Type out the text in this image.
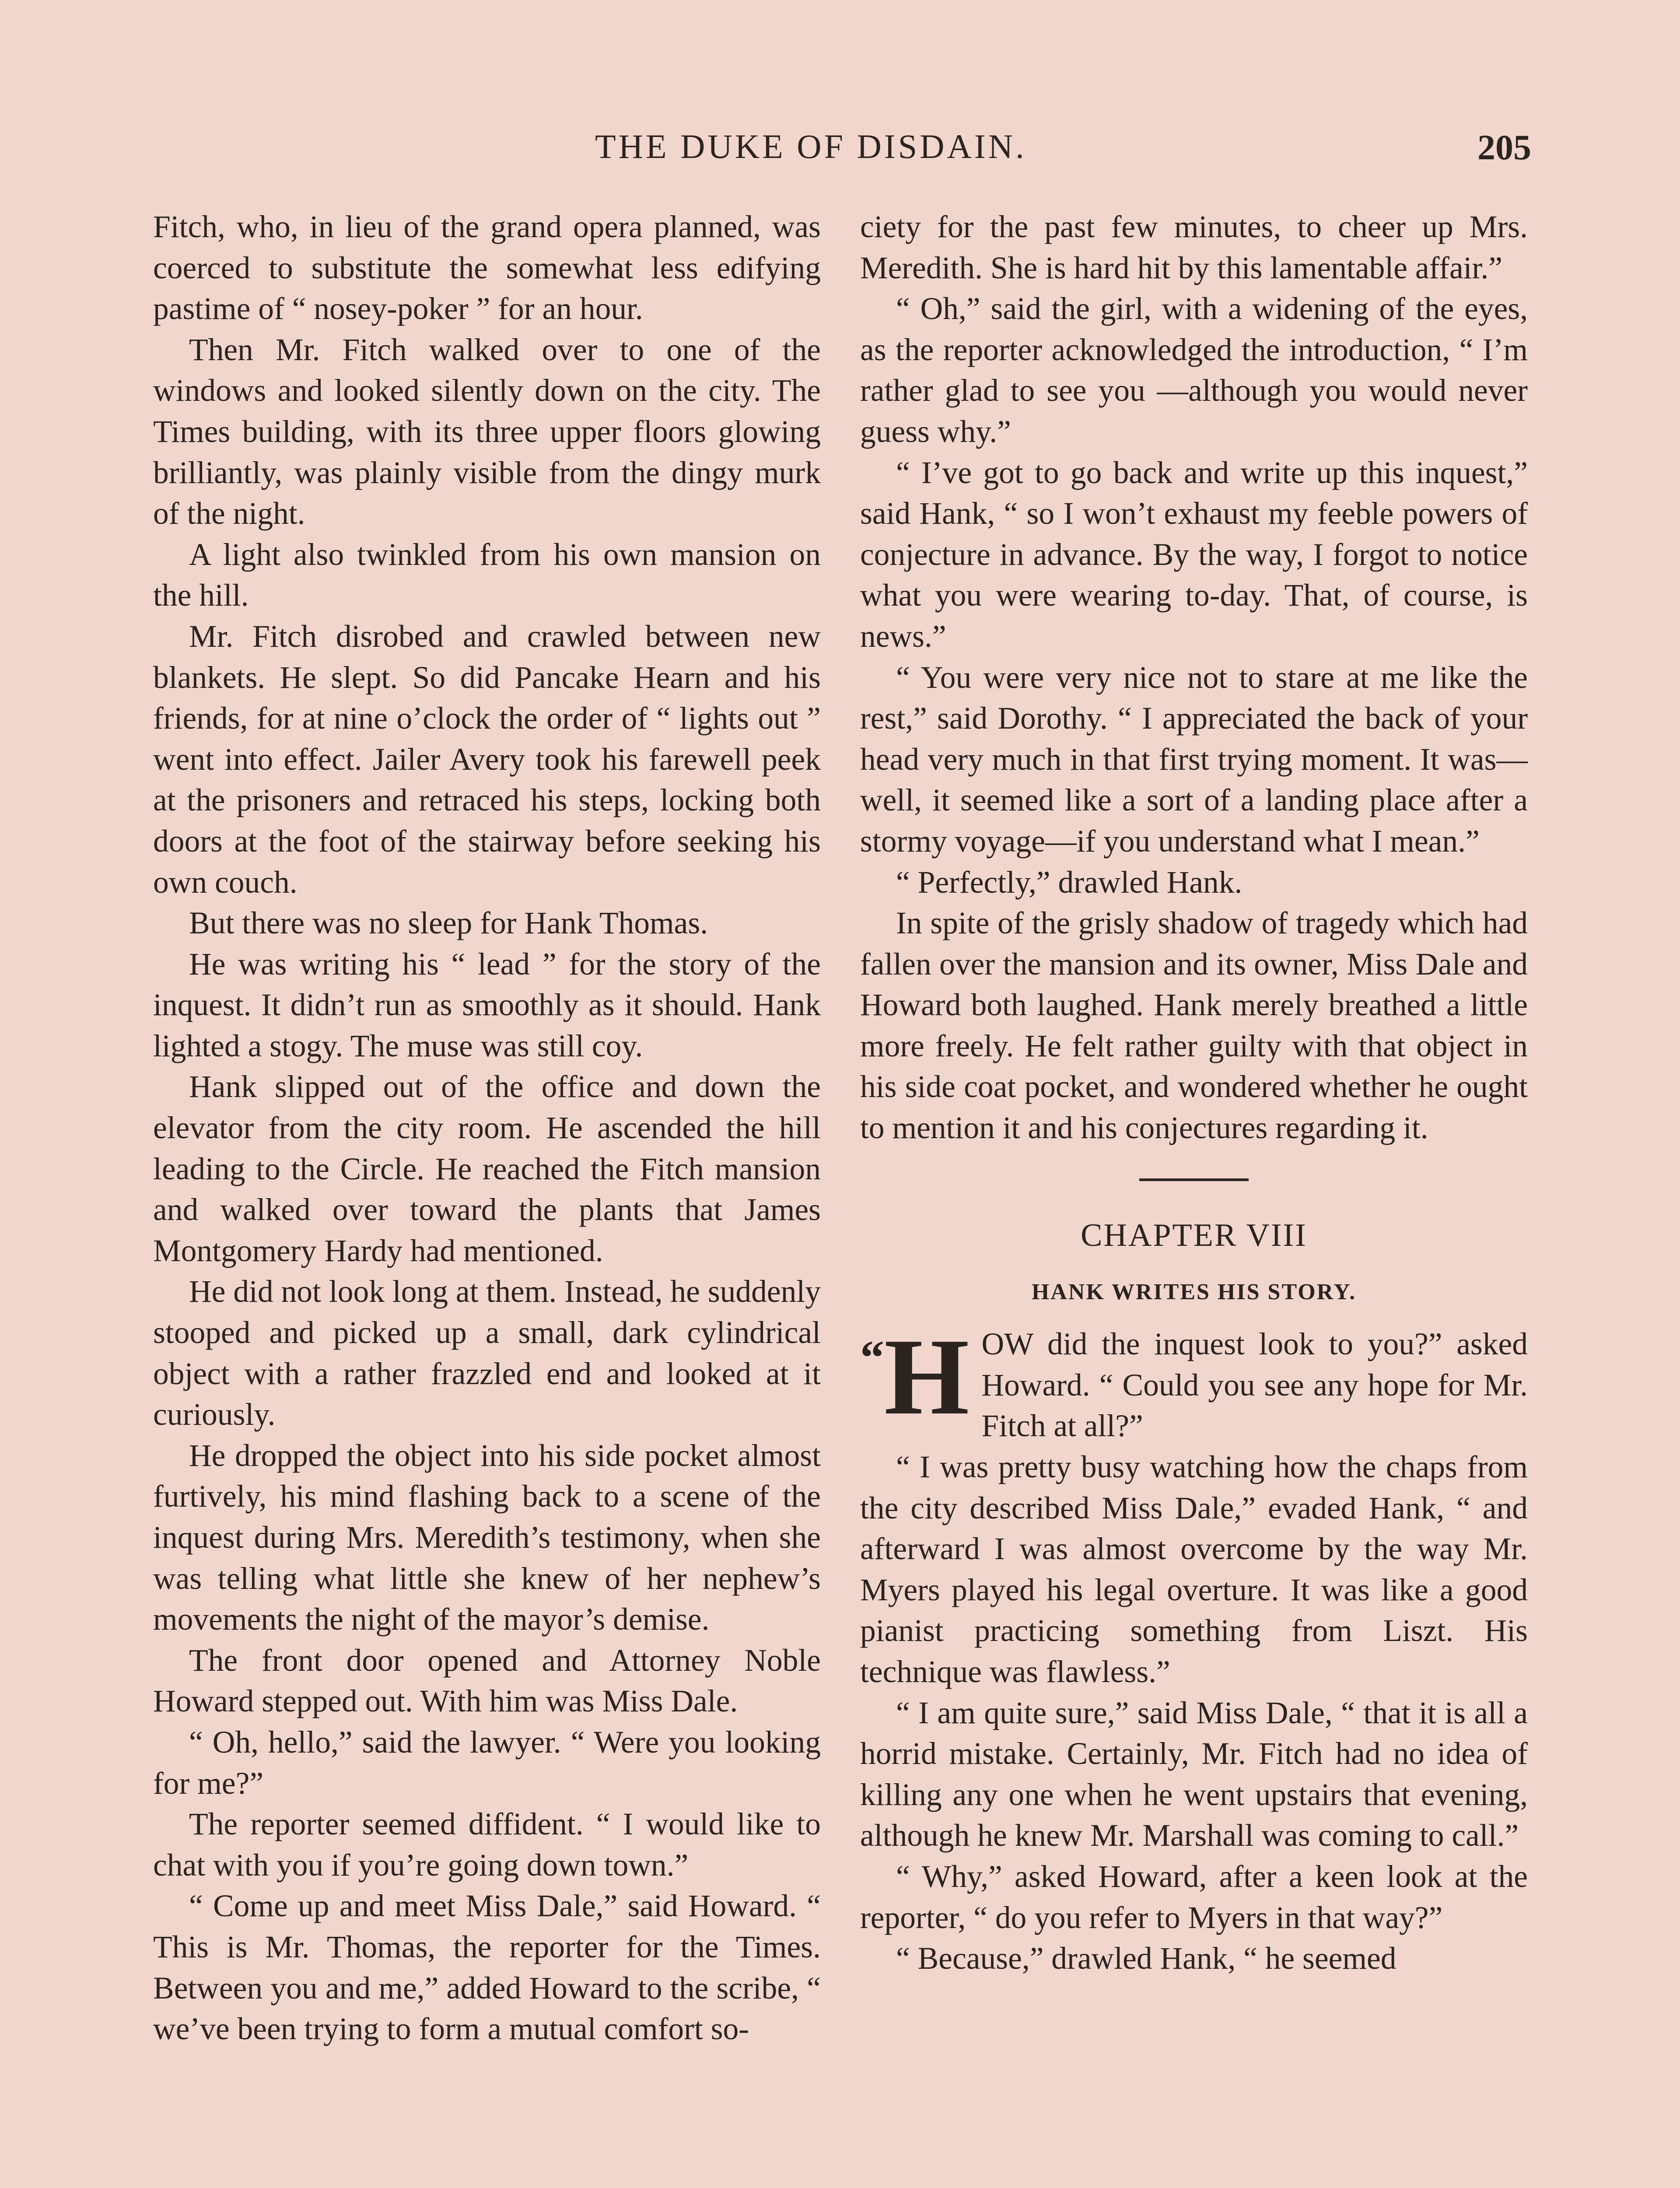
THE DUKE OF DISDAIN.	205

Fitch, who, in lieu of the grand opera planned, was coerced to substitute the somewhat less edifying pastime of “ nosey-poker ” for an hour.

Then Mr. Fitch walked over to one of the windows and looked silently down on the city. The Times building, with its three upper floors glowing brilliantly, was plainly visible from the dingy murk of the night.

A light also twinkled from his own mansion on the hill.

Mr. Fitch disrobed and crawled between new blankets. He slept. So did Pancake Hearn and his friends, for at nine o’clock the order of “ lights out ” went into effect. Jailer Avery took his farewell peek at the prisoners and retraced his steps, locking both doors at the foot of the stairway before seeking his own couch.

But there was no sleep for Hank Thomas.

He was writing his “ lead ” for the story of the inquest. It didn’t run as smoothly as it should. Hank lighted a stogy. The muse was still coy.

Hank slipped out of the office and down the elevator from the city room. He ascended the hill leading to the Circle. He reached the Fitch mansion and walked over toward the plants that James Montgomery Hardy had mentioned.

He did not look long at them. Instead, he suddenly stooped and picked up a small, dark cylindrical object with a rather frazzled end and looked at it curiously.

He dropped the object into his side pocket almost furtively, his mind flashing back to a scene of the inquest during Mrs. Meredith’s testimony, when she was telling what little she knew of her nephew’s movements the night of the mayor’s demise.

The front door opened and Attorney Noble Howard stepped out. With him was Miss Dale.

“ Oh, hello,” said the lawyer. “ Were you looking for me?”

The reporter seemed diffident. “ I would like to chat with you if you’re going down town.”

“ Come up and meet Miss Dale,” said Howard. “ This is Mr. Thomas, the reporter for the Times. Between you and me,” added Howard to the scribe, “ we’ve been trying to form a mutual comfort so-

ciety for the past few minutes, to cheer up Mrs. Meredith. She is hard hit by this lamentable affair.”

“ Oh,” said the girl, with a widening of the eyes, as the reporter acknowledged the introduction, “ I’m rather glad to see you —although you would never guess why.”

“ I’ve got to go back and write up this inquest,” said Hank, “ so I won’t exhaust my feeble powers of conjecture in advance. By the way, I forgot to notice what you were wearing to-day. That, of course, is news.”

“ You were very nice not to stare at me like the rest,” said Dorothy. “ I appreciated the back of your head very much in that first trying moment. It was—well, it seemed like a sort of a landing place after a stormy voyage—if you understand what I mean.”

“ Perfectly,” drawled Hank.

In spite of the grisly shadow of tragedy which had fallen over the mansion and its owner, Miss Dale and Howard both laughed. Hank merely breathed a little more freely. He felt rather guilty with that object in his side coat pocket, and wondered whether he ought to mention it and his conjectures regarding it.

CHAPTER VIII
HANK WRITES HIS STORY.

“H OW did the inquest look to you?” asked Howard. “ Could you see any hope for Mr. Fitch at all?”

“ I was pretty busy watching how the chaps from the city described Miss Dale,” evaded Hank, “ and afterward I was almost overcome by the way Mr. Myers played his legal overture. It was like a good pianist practicing something from Liszt. His technique was flawless.”

“ I am quite sure,” said Miss Dale, “ that it is all a horrid mistake. Certainly, Mr. Fitch had no idea of killing any one when he went upstairs that evening, although he knew Mr. Marshall was coming to call.”

“ Why,” asked Howard, after a keen look at the reporter, “ do you refer to Myers in that way?”

“ Because,” drawled Hank, “ he seemed
